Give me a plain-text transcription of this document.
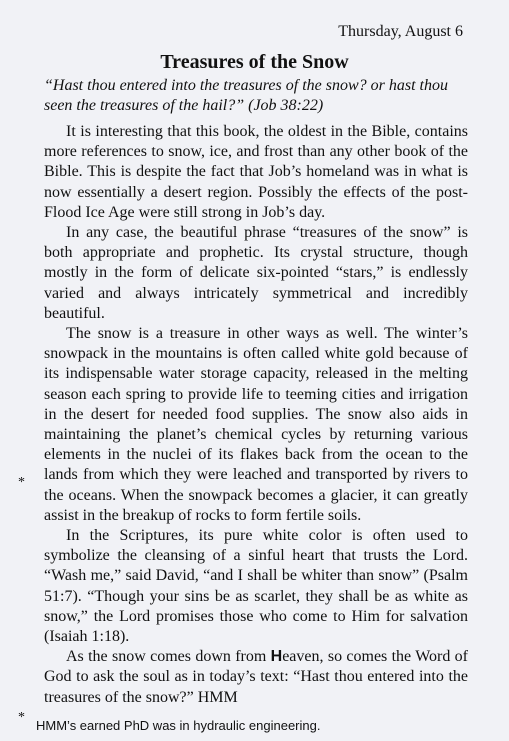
Thursday, August 6
Treasures of the Snow
“Hast thou entered into the treasures of the snow? or hast thou seen the treasures of the hail?” (Job 38:22)

It is interesting that this book, the oldest in the Bible, contains more references to snow, ice, and frost than any other book of the Bible. This is despite the fact that Job’s homeland was in what is now essentially a desert region. Possibly the effects of the post-Flood Ice Age were still strong in Job’s day.

In any case, the beautiful phrase “treasures of the snow” is both appropriate and prophetic. Its crystal structure, though mostly in the form of delicate six-pointed “stars,” is endlessly varied and always intricately symmetrical and incredibly beautiful.

The snow is a treasure in other ways as well. The winter’s snowpack in the mountains is often called white gold because of its indispensable water storage capacity, released in the melting season each spring to provide life to teeming cities and irrigation in the desert for needed food supplies. The snow also aids in maintaining the planet’s chemical cycles by returning various elements in the nuclei of its flakes back from the ocean to the lands from which they were leached and transported by rivers to the oceans. When the snowpack becomes a glacier, it can greatly assist in the breakup of rocks to form fertile soils.

In the Scriptures, its pure white color is often used to symbolize the cleansing of a sinful heart that trusts the Lord. “Wash me,” said David, “and I shall be whiter than snow” (Psalm 51:7). “Though your sins be as scarlet, they shall be as white as snow,” the Lord promises those who come to Him for salvation (Isaiah 1:18).

As the snow comes down from Heaven, so comes the Word of God to ask the soul as in today’s text: “Hast thou entered into the treasures of the snow?” HMM

*
*
HMM’s earned PhD was in hydraulic engineering.
